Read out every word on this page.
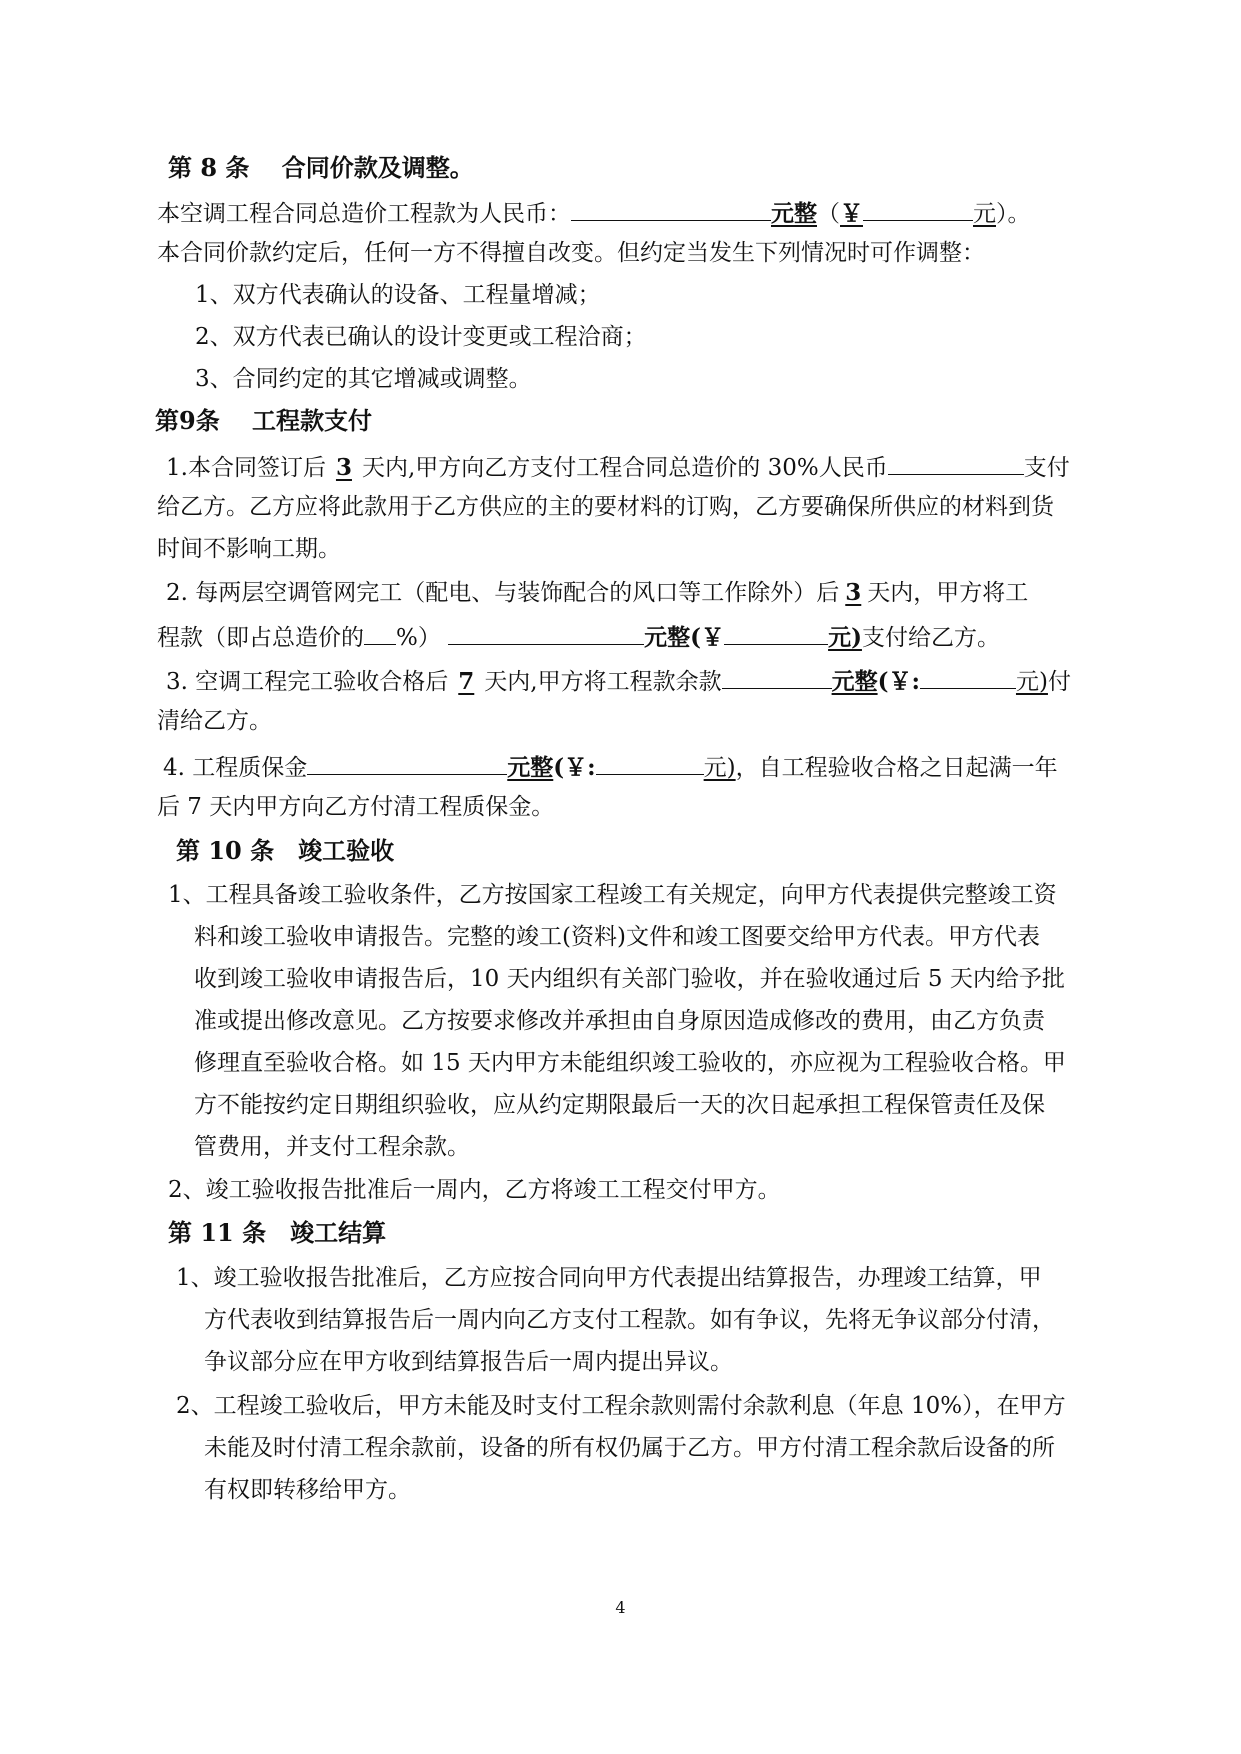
第 8 条　 合同价款及调整。
本空调工程合同总造价工程款为人民币：	元整（￥	元）。
本合同价款约定后，任何一方不得擅自改变。但约定当发生下列情况时可作调整：
1、双方代表确认的设备、工程量增减；
2、双方代表已确认的设计变更或工程洽商；
3、合同约定的其它增减或调整。
第9条　 工程款支付
1.本合同签订后 3 天内,甲方向乙方支付工程合同总造价的 30%人民币	支付
给乙方。乙方应将此款用于乙方供应的主的要材料的订购，乙方要确保所供应的材料到货
时间不影响工期。
2. 每两层空调管网完工（配电、与装饰配合的风口等工作除外）后 3 天内，甲方将工
程款（即占总造价的 %）	元整(￥	元)支付给乙方。
3. 空调工程完工验收合格后 7 天内,甲方将工程款余款	元整(￥:	元)付
清给乙方。
4. 工程质保金	元整(￥:	元)，自工程验收合格之日起满一年
后 7 天内甲方向乙方付清工程质保金。
第 10 条　竣工验收
1、工程具备竣工验收条件，乙方按国家工程竣工有关规定，向甲方代表提供完整竣工资
料和竣工验收申请报告。完整的竣工(资料)文件和竣工图要交给甲方代表。甲方代表
收到竣工验收申请报告后，10 天内组织有关部门验收，并在验收通过后 5 天内给予批
准或提出修改意见。乙方按要求修改并承担由自身原因造成修改的费用，由乙方负责
修理直至验收合格。如 15 天内甲方未能组织竣工验收的，亦应视为工程验收合格。甲
方不能按约定日期组织验收，应从约定期限最后一天的次日起承担工程保管责任及保
管费用，并支付工程余款。
2、竣工验收报告批准后一周内，乙方将竣工工程交付甲方。
第 11 条　竣工结算
1、竣工验收报告批准后，乙方应按合同向甲方代表提出结算报告，办理竣工结算，甲
方代表收到结算报告后一周内向乙方支付工程款。如有争议，先将无争议部分付清，
争议部分应在甲方收到结算报告后一周内提出异议。
2、工程竣工验收后，甲方未能及时支付工程余款则需付余款利息（年息 10%），在甲方
未能及时付清工程余款前，设备的所有权仍属于乙方。甲方付清工程余款后设备的所
有权即转移给甲方。
4
